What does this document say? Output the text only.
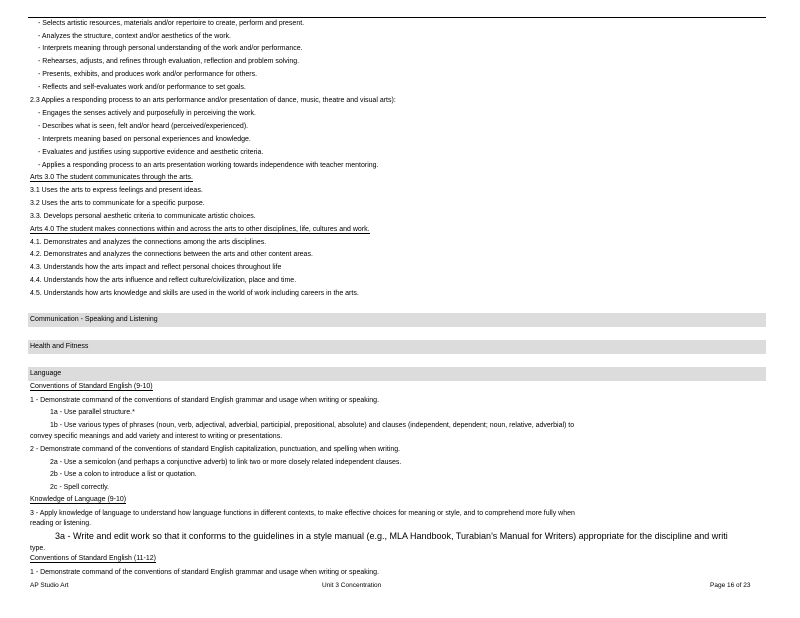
- Selects artistic resources, materials and/or repertoire to create, perform and present.
- Analyzes the structure, context and/or aesthetics of the work.
- Interprets meaning through personal understanding of the work and/or performance.
- Rehearses, adjusts, and refines through evaluation, reflection and problem solving.
- Presents, exhibits, and produces work and/or performance for others.
- Reflects and self-evaluates work and/or performance to set goals.
2.3 Applies a responding process to an arts performance and/or presentation of dance, music, theatre and visual arts):
- Engages the senses actively and purposefully in perceiving the work.
- Describes what is seen, felt and/or heard (perceived/experienced).
- Interprets meaning based on personal experiences and knowledge.
- Evaluates and justifies using supportive evidence and aesthetic criteria.
- Applies a responding process to an arts presentation working towards independence with teacher mentoring.
Arts 3.0 The student communicates through the arts.
3.1 Uses the arts to express feelings and present ideas.
3.2 Uses the arts to communicate for a specific purpose.
3.3. Develops personal aesthetic criteria to communicate artistic choices.
Arts 4.0 The student makes connections within and across the arts to other disciplines, life, cultures and work.
4.1. Demonstrates and analyzes the connections among the arts disciplines.
4.2. Demonstrates and analyzes the connections between the arts and other content areas.
4.3. Understands how the arts impact and reflect personal choices throughout life
4.4. Understands how the arts influence and reflect culture/civilization, place and time.
4.5. Understands how arts knowledge and skills are used in the world of work including careers in the arts.
Communication - Speaking and Listening
Health and Fitness
Language
Conventions of Standard English (9-10)
1 - Demonstrate command of the conventions of standard English grammar and usage when writing or speaking.
1a - Use parallel structure.*
1b - Use various types of phrases (noun, verb, adjectival, adverbial, participial, prepositional, absolute) and clauses (independent, dependent; noun, relative, adverbial) to
convey specific meanings and add variety and interest to writing or presentations.
2 - Demonstrate command of the conventions of standard English capitalization, punctuation, and spelling when writing.
2a - Use a semicolon (and perhaps a conjunctive adverb) to link two or more closely related independent clauses.
2b - Use a colon to introduce a list or quotation.
2c - Spell correctly.
Knowledge of Language (9-10)
3 - Apply knowledge of language to understand how language functions in different contexts, to make effective choices for meaning or style, and to comprehend more fully when
reading or listening.
3a - Write and edit work so that it conforms to the guidelines in a style manual (e.g., MLA Handbook, Turabian's Manual for Writers) appropriate for the discipline and writi
type.
Conventions of Standard English (11-12)
1 - Demonstrate command of the conventions of standard English grammar and usage when writing or speaking.
AP Studio Art	Unit 3 Concentration	Page 16 of 23
